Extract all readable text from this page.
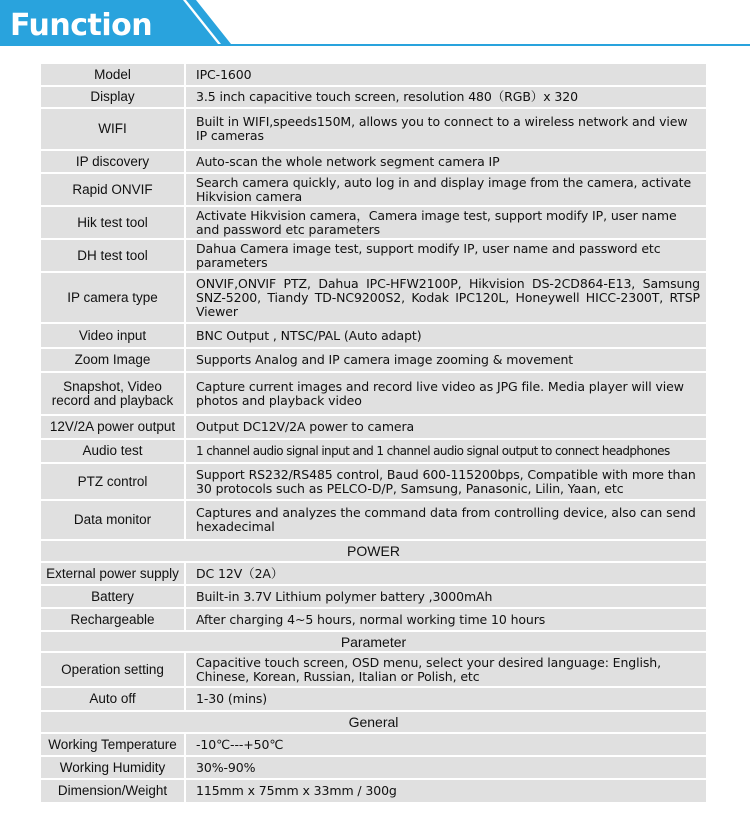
Function
Model	IPC-1600
Display	3.5 inch capacitive touch screen, resolution 480（RGB）x 320
WIFI	Built in WIFI,speeds150M, allows you to connect to a wireless network and view IP cameras
IP discovery	Auto-scan the whole network segment camera IP
Rapid ONVIF	Search camera quickly, auto log in and display image from the camera, activate Hikvision camera
Hik test tool	Activate Hikvision camera，Camera image test, support modify IP, user name and password etc parameters
DH test tool	Dahua Camera image test, support modify IP, user name and password etc parameters
IP camera type	ONVIF,ONVIF PTZ, Dahua IPC-HFW2100P, Hikvision DS-2CD864-E13, Samsung SNZ-5200, Tiandy TD-NC9200S2, Kodak IPC120L, Honeywell HICC-2300T, RTSP Viewer
Video input	BNC Output , NTSC/PAL (Auto adapt)
Zoom Image	Supports Analog and IP camera image zooming & movement
Snapshot, Video record and playback	Capture current images and record live video as JPG file. Media player will view photos and playback video
12V/2A power output	Output DC12V/2A power to camera
Audio test	1 channel audio signal input and 1 channel audio signal output to connect headphones
PTZ control	Support RS232/RS485 control, Baud 600-115200bps, Compatible with more than 30 protocols such as PELCO-D/P, Samsung, Panasonic, Lilin, Yaan, etc
Data monitor	Captures and analyzes the command data from controlling device, also can send hexadecimal
POWER	
External power supply	DC 12V（2A）
Battery	Built-in 3.7V Lithium polymer battery ,3000mAh
Rechargeable	After charging 4~5 hours, normal working time 10 hours
Parameter	
Operation setting	Capacitive touch screen, OSD menu, select your desired language: English, Chinese, Korean, Russian, Italian or Polish, etc
Auto off	1-30 (mins)
General	
Working Temperature	-10℃---+50℃
Working Humidity	30%-90%
Dimension/Weight	115mm x 75mm x 33mm / 300g
